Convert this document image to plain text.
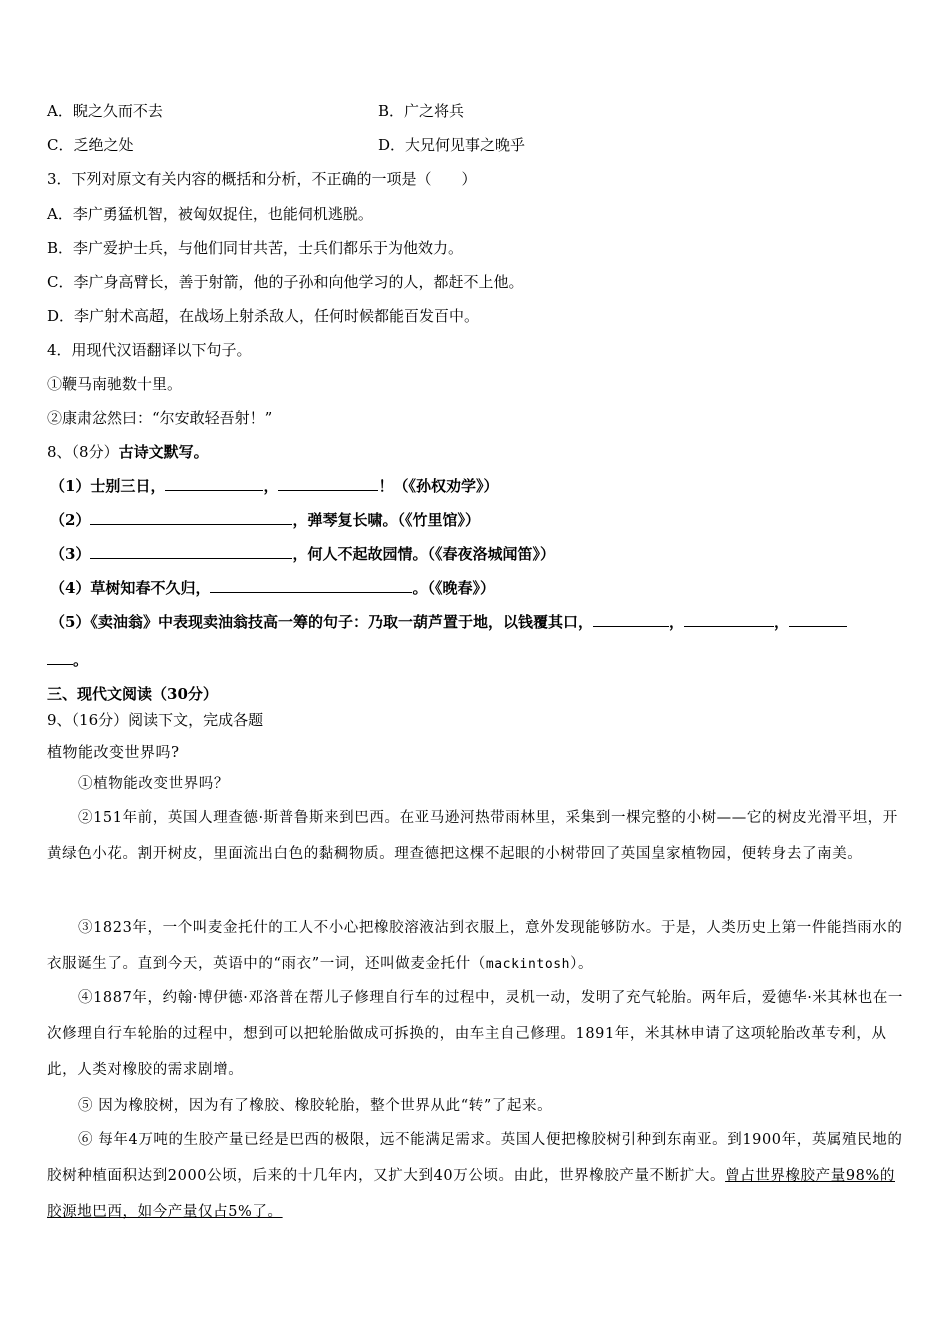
A．睨之久而不去	B．广之将兵
C．乏绝之处	D．大兄何见事之晚乎
3．下列对原文有关内容的概括和分析，不正确的一项是（　　）
A．李广勇猛机智，被匈奴捉住，也能伺机逃脱。
B．李广爱护士兵，与他们同甘共苦，士兵们都乐于为他效力。
C．李广身高臂长，善于射箭，他的子孙和向他学习的人，都赶不上他。
D．李广射术高超，在战场上射杀敌人，任何时候都能百发百中。
4．用现代汉语翻译以下句子。
①鞭马南驰数十里。
②康肃忿然曰：“尔安敢轻吾射！”
8、（8分）古诗文默写。
（1）士别三日，	，	！（《孙权劝学》）
（2）	，弹琴复长啸。（《竹里馆》）
（3）	，何人不起故园情。（《春夜洛城闻笛》）
（4）草树知春不久归，	。（《晚春》）
（5）《卖油翁》中表现卖油翁技高一筹的句子：乃取一葫芦置于地，以钱覆其口，	，	，
。
三、现代文阅读（30分）
9、（16分）阅读下文，完成各题
植物能改变世界吗?
①植物能改变世界吗？
②151年前，英国人理查德·斯普鲁斯来到巴西。在亚马逊河热带雨林里，采集到一棵完整的小树——它的树皮光滑平坦，开黄绿色小花。割开树皮，里面流出白色的黏稠物质。理查德把这棵不起眼的小树带回了英国皇家植物园，便转身去了南美。
③1823年，一个叫麦金托什的工人不小心把橡胶溶液沾到衣服上，意外发现能够防水。于是，人类历史上第一件能挡雨水的衣服诞生了。直到今天，英语中的“雨衣”一词，还叫做麦金托什（mackintosh）。
④1887年，约翰·博伊德·邓洛普在帮儿子修理自行车的过程中，灵机一动，发明了充气轮胎。两年后，爱德华·米其林也在一次修理自行车轮胎的过程中，想到可以把轮胎做成可拆换的，由车主自己修理。1891年，米其林申请了这项轮胎改革专利，从此，人类对橡胶的需求剧增。
⑤ 因为橡胶树，因为有了橡胶、橡胶轮胎，整个世界从此“转”了起来。
⑥ 每年4万吨的生胶产量已经是巴西的极限，远不能满足需求。英国人便把橡胶树引种到东南亚。到1900年，英属殖民地的胶树种植面积达到2000公顷，后来的十几年内，又扩大到40万公顷。由此，世界橡胶产量不断扩大。曾占世界橡胶产量98%的胶源地巴西，如今产量仅占5%了。
